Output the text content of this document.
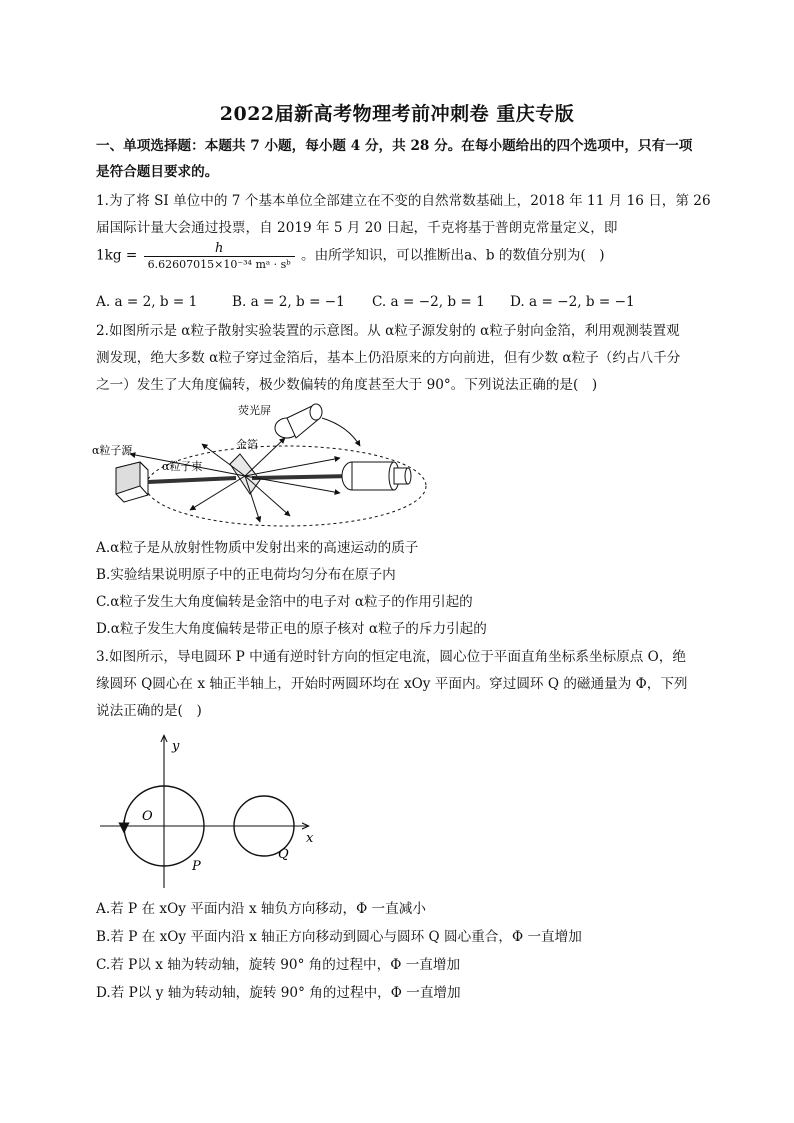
2022届新高考物理考前冲刺卷 重庆专版
一、单项选择题：本题共 7 小题，每小题 4 分，共 28 分。在每小题给出的四个选项中，只有一项
是符合题目要求的。
1.为了将 SI 单位中的 7 个基本单位全部建立在不变的自然常数基础上，2018 年 11 月 16 日，第 26
届国际计量大会通过投票，自 2019 年 5 月 20 日起，千克将基于普朗克常量定义，即
$1kg = \frac{h}{\text{6.62607015×10⁻³⁴ mᵃ · sᵇ}}$ 。由所学知识，可以推断出a、b 的数值分别为(　)
A. a = 2, b = 1	B. a = 2, b = −1 C. a = −2, b = 1 D. a = −2, b = −1
2.如图所示是 α粒子散射实验装置的示意图。从 α粒子源发射的 α粒子射向金箔，利用观测装置观
测发现，绝大多数 α粒子穿过金箔后，基本上仍沿原来的方向前进，但有少数 α粒子（约占八千分
之一）发生了大角度偏转，极少数偏转的角度甚至大于 90°。下列说法正确的是(　)
α粒子源
α粒子束
金箔
荧光屏
A.α粒子是从放射性物质中发射出来的高速运动的质子
B.实验结果说明原子中的正电荷均匀分布在原子内
C.α粒子发生大角度偏转是金箔中的电子对 α粒子的作用引起的
D.α粒子发生大角度偏转是带正电的原子核对 α粒子的斥力引起的
3.如图所示，导电圆环 P 中通有逆时针方向的恒定电流，圆心位于平面直角坐标系坐标原点 O，绝
缘圆环 Q圆心在 x 轴正半轴上，开始时两圆环均在 xOy 平面内。穿过圆环 Q 的磁通量为 Φ，下列
说法正确的是(　)
y
x
O
P
Q
A.若 P 在 xOy 平面内沿 x 轴负方向移动，Φ 一直减小
B.若 P 在 xOy 平面内沿 x 轴正方向移动到圆心与圆环 Q 圆心重合，Φ 一直增加
C.若 P以 x 轴为转动轴，旋转 90° 角的过程中，Φ 一直增加
D.若 P以 y 轴为转动轴，旋转 90° 角的过程中，Φ 一直增加
